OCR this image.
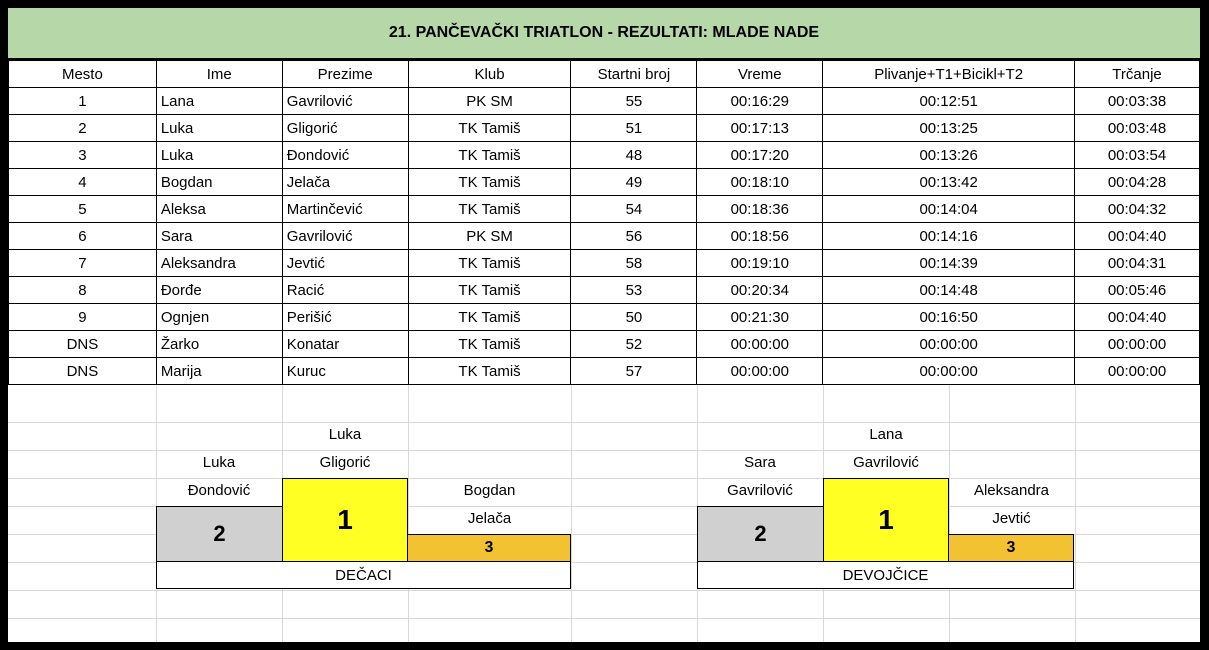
21. PANČEVAČKI TRIATLON - REZULTATI: MLADE NADE
Mesto	Ime	Prezime	Klub	Startni broj	Vreme	Plivanje+T1+Bicikl+T2	Trčanje
1	Lana	Gavrilović	PK SM	55	00:16:29	00:12:51	00:03:38
2	Luka	Gligorić	TK Tamiš	51	00:17:13	00:13:25	00:03:48
3	Luka	Đondović	TK Tamiš	48	00:17:20	00:13:26	00:03:54
4	Bogdan	Jelača	TK Tamiš	49	00:18:10	00:13:42	00:04:28
5	Aleksa	Martinčević	TK Tamiš	54	00:18:36	00:14:04	00:04:32
6	Sara	Gavrilović	PK SM	56	00:18:56	00:14:16	00:04:40
7	Aleksandra	Jevtić	TK Tamiš	58	00:19:10	00:14:39	00:04:31
8	Đorđe	Racić	TK Tamiš	53	00:20:34	00:14:48	00:05:46
9	Ognjen	Perišić	TK Tamiš	50	00:21:30	00:16:50	00:04:40
DNS	Žarko	Konatar	TK Tamiš	52	00:00:00	00:00:00	00:00:00
DNS	Marija	Kuruc	TK Tamiš	57	00:00:00	00:00:00	00:00:00
Luka
Gligorić
Luka
Đondović	Bogdan
Jelača
1
2
3
DEČACI
Lana
Gavrilović
Sara
Gavrilović	Aleksandra
Jevtić
1
2
3
DEVOJČICE
